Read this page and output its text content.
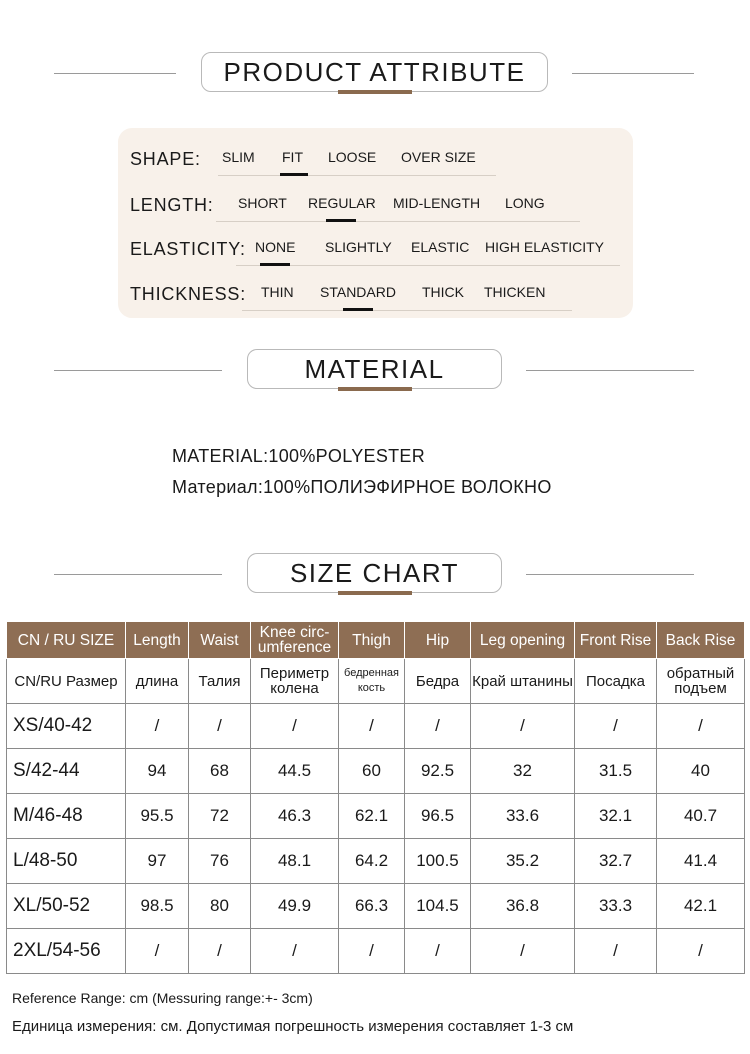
PRODUCT ATTRIBUTE
SHAPE: SLIM FIT LOOSE OVER SIZE
LENGTH: SHORT REGULAR MID-LENGTH LONG
ELASTICITY: NONE SLIGHTLY ELASTIC HIGH ELASTICITY
THICKNESS: THIN STANDARD THICK THICKEN
MATERIAL
MATERIAL:100%POLYESTER
Материал:100%ПОЛИЭФИРНОЕ ВОЛОКНО
SIZE CHART
CN / RU SIZE	Length	Waist	Knee circ-umference	Thigh	Hip	Leg opening	Front Rise	Back Rise
CN/RU Размер	длина	Талия	Периметр колена	бедренная кость	Бедра	Край штанины	Посадка	обратный подъем
XS/40-42	/	/	/	/	/	/	/	/
S/42-44	94	68	44.5	60	92.5	32	31.5	40
M/46-48	95.5	72	46.3	62.1	96.5	33.6	32.1	40.7
L/48-50	97	76	48.1	64.2	100.5	35.2	32.7	41.4
XL/50-52	98.5	80	49.9	66.3	104.5	36.8	33.3	42.1
2XL/54-56	/	/	/	/	/	/	/	/
Reference Range: cm (Messuring range:+- 3cm)
Единица измерения: см. Допустимая погрешность измерения составляет 1-3 см
